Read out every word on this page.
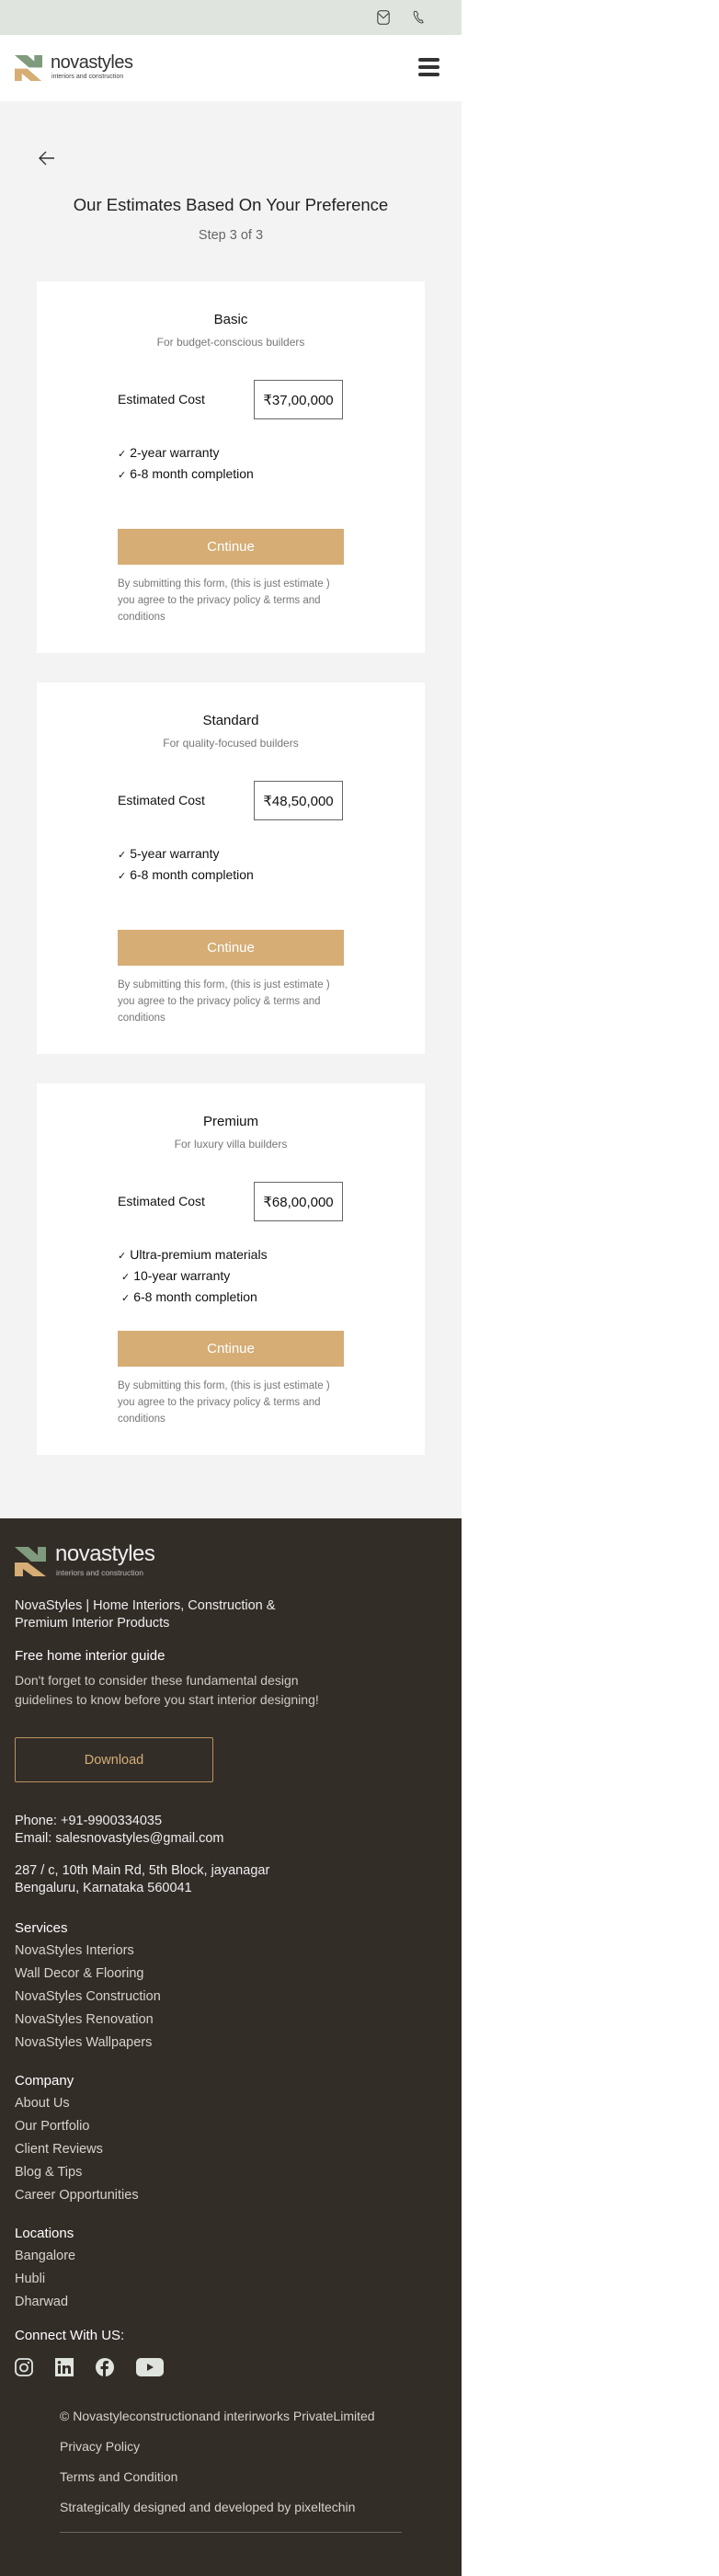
novastyles
interiors and construction
Our Estimates Based On Your Preference
Step 3 of 3
Basic
For budget-conscious builders
Estimated Cost	₹37,00,000
✓ 2-year warranty
✓ 6-8 month completion
Cntinue
By submitting this form, (this is just estimate ) you agree to the privacy policy & terms and conditions
Standard
For quality-focused builders
Estimated Cost	₹48,50,000
✓ 5-year warranty
✓ 6-8 month completion
Cntinue
By submitting this form, (this is just estimate ) you agree to the privacy policy & terms and conditions
Premium
For luxury villa builders
Estimated Cost	₹68,00,000
✓ Ultra-premium materials
✓ 10-year warranty
✓ 6-8 month completion
Cntinue
By submitting this form, (this is just estimate ) you agree to the privacy policy & terms and conditions
novastyles
interiors and construction
NovaStyles | Home Interiors, Construction & Premium Interior Products
Free home interior guide
Don't forget to consider these fundamental design guidelines to know before you start interior designing!
Download
Phone: +91-9900334035
Email: salesnovastyles@gmail.com
287 / c, 10th Main Rd, 5th Block, jayanagar
Bengaluru, Karnataka 560041
Services
NovaStyles Interiors
Wall Decor & Flooring
NovaStyles Construction
NovaStyles Renovation
NovaStyles Wallpapers
Company
About Us
Our Portfolio
Client Reviews
Blog & Tips
Career Opportunities
Locations
Bangalore
Hubli
Dharwad
Connect With US:
© Novastyleconstructionand interirworks PrivateLimited
Privacy Policy
Terms and Condition
Strategically designed and developed by pixeltechin
